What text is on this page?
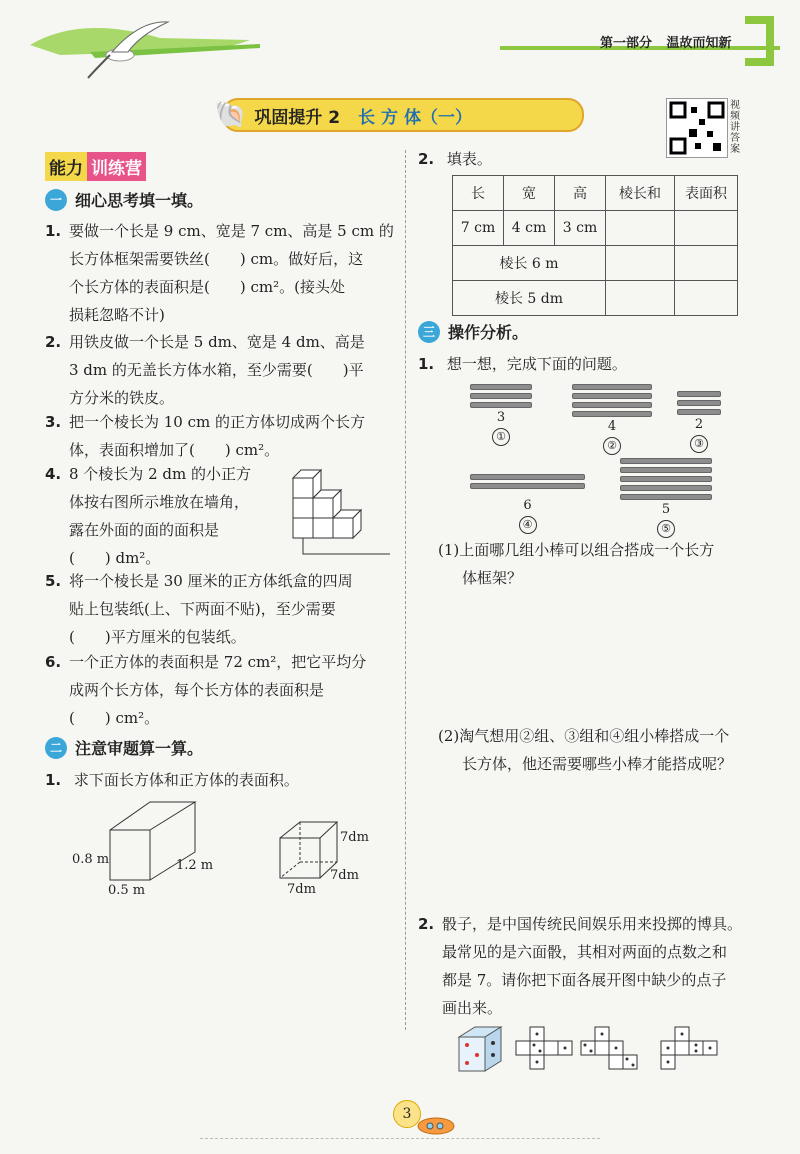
第一部分 温故而知新
🐚 巩固提升 2 长 方 体（一）
视频讲答案
能力 训练营
一 细心思考填一填。
1. 要做一个长是 9 cm、宽是 7 cm、高是 5 cm 的
长方体框架需要铁丝(　　) cm。做好后，这
个长方体的表面积是(　　) cm²。(接头处
损耗忽略不计)
2. 用铁皮做一个长是 5 dm、宽是 4 dm、高是
3 dm 的无盖长方体水箱，至少需要(　　)平
方分米的铁皮。
3. 把一个棱长为 10 cm 的正方体切成两个长方
体，表面积增加了(　　) cm²。
4. 8 个棱长为 2 dm 的小正方
体按右图所示堆放在墙角，
露在外面的面的面积是
(　　) dm²。
5. 将一个棱长是 30 厘米的正方体纸盒的四周
贴上包装纸(上、下两面不贴)，至少需要
(　　)平方厘米的包装纸。
6. 一个正方体的表面积是 72 cm²，把它平均分
成两个长方体，每个长方体的表面积是
(　　) cm²。
二 注意审题算一算。
1. 求下面长方体和正方体的表面积。
0.8 m	1.2 m
0.5 m
7dm
7dm
7dm
2. 填表。
长	宽	高	棱长和	表面积
7 cm	4 cm	3 cm		
棱长 6 m				
棱长 5 dm				
三 操作分析。
1. 想一想，完成下面的问题。
3
①
4
②
2
③
6
④
5
⑤
(1)上面哪几组小棒可以组合搭成一个长方
体框架？
(2)淘气想用②组、③组和④组小棒搭成一个
长方体，他还需要哪些小棒才能搭成呢？
2. 骰子，是中国传统民间娱乐用来投掷的博具。
最常见的是六面骰，其相对两面的点数之和
都是 7。请你把下面各展开图中缺少的点子
画出来。
3
